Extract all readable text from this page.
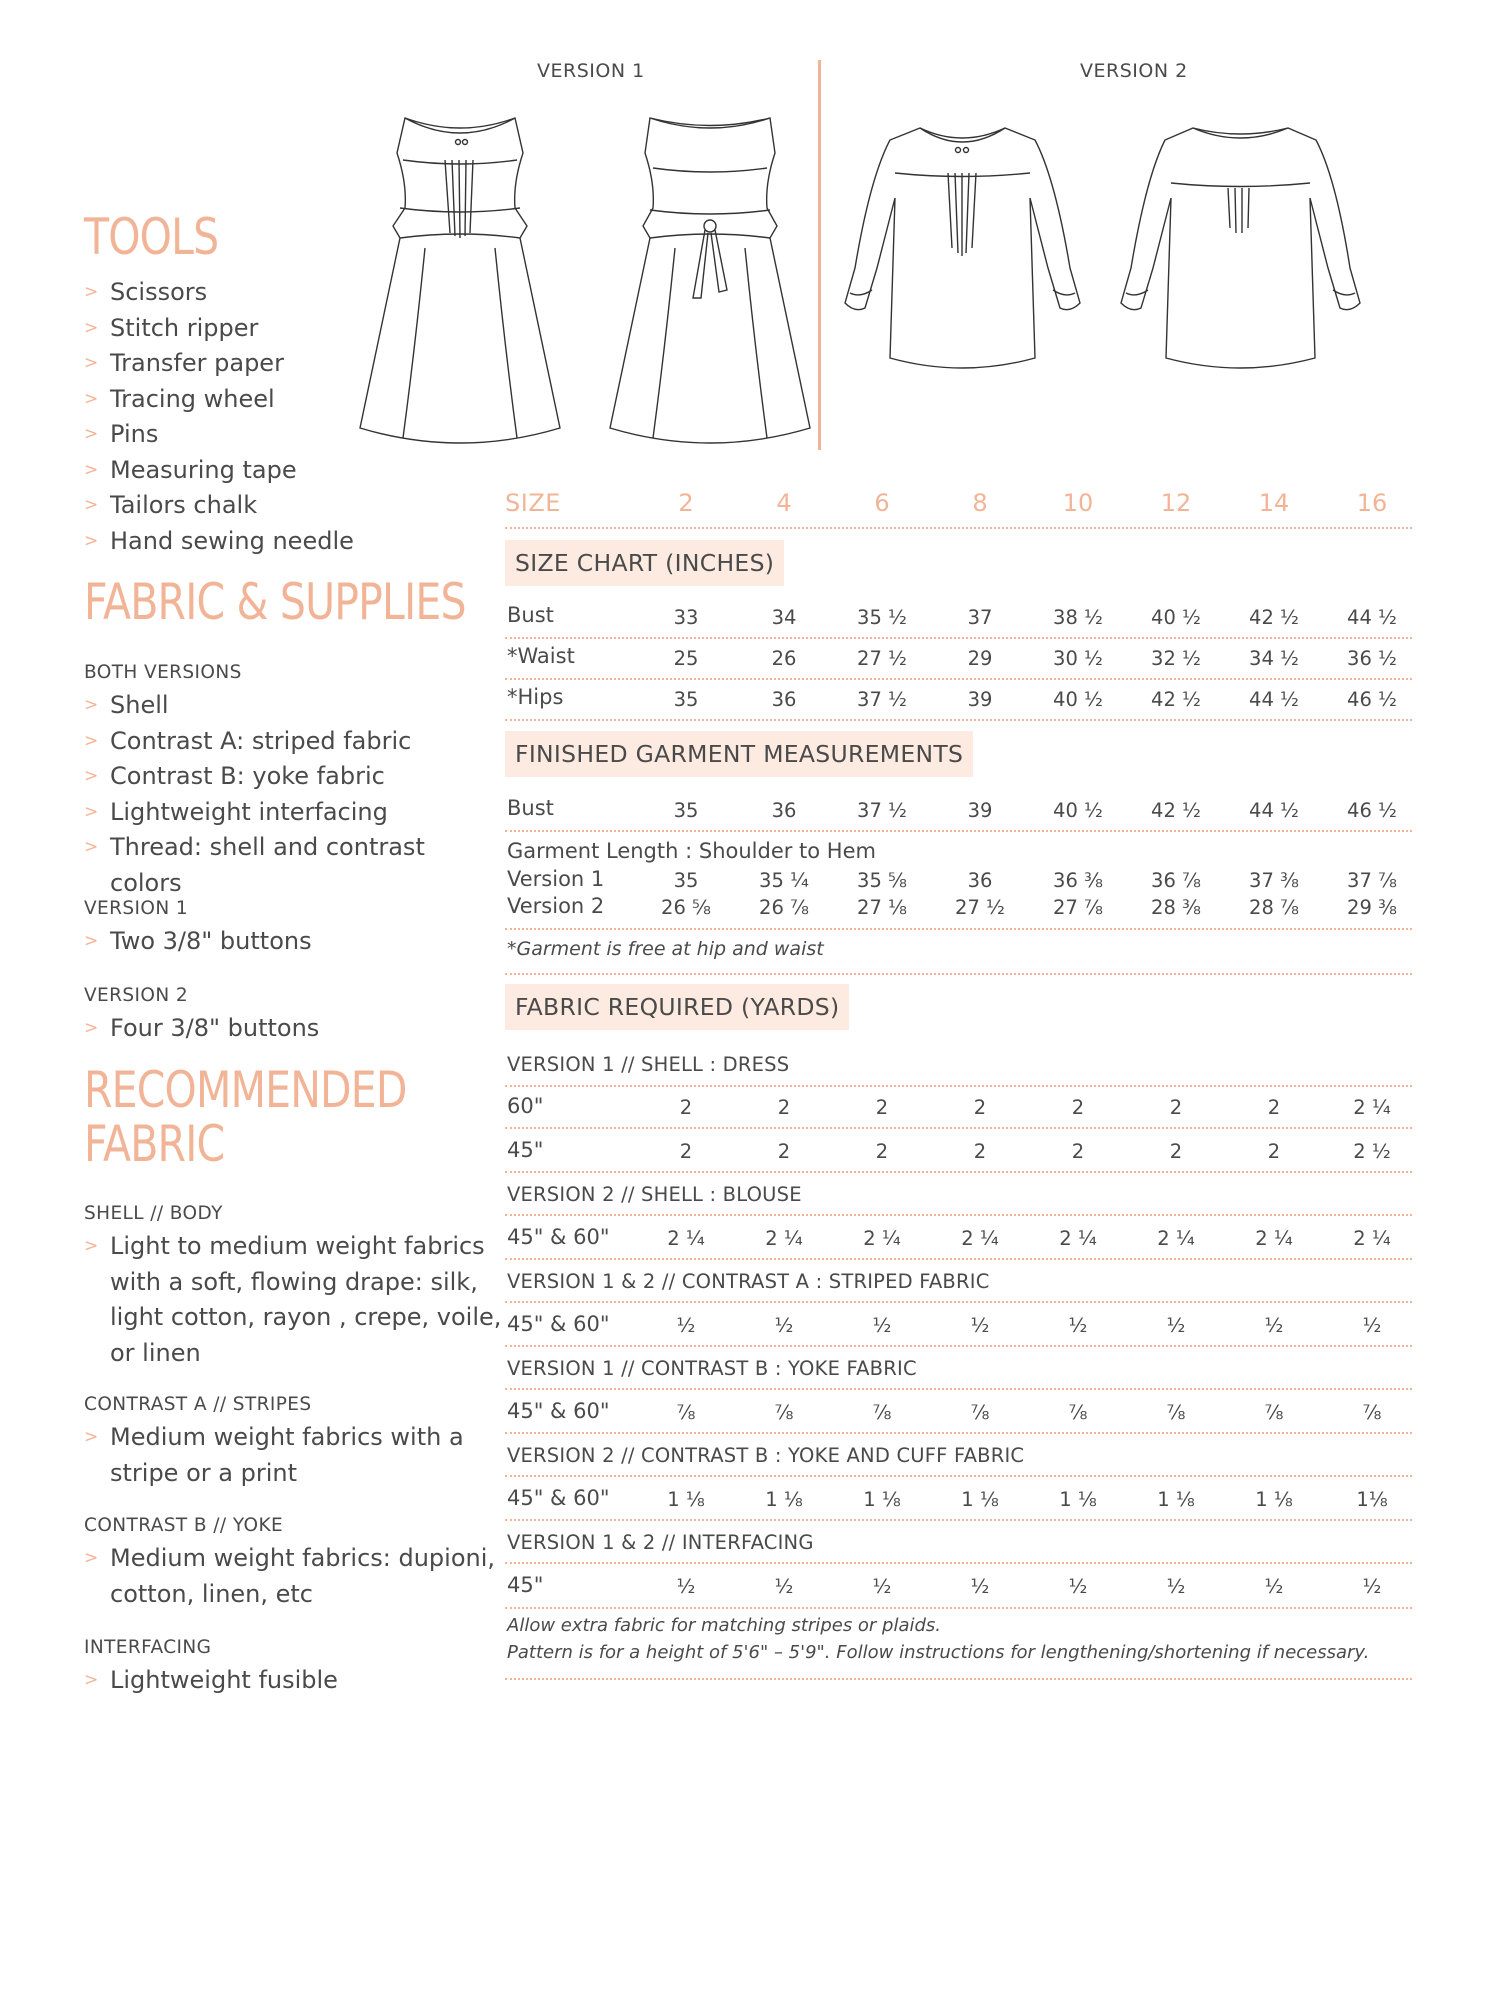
VERSION 1	VERSION 2
TOOLS
> Scissors
> Stitch ripper
> Transfer paper
> Tracing wheel
> Pins
> Measuring tape
> Tailors chalk
> Hand sewing needle
FABRIC & SUPPLIES
BOTH VERSIONS
> Shell
> Contrast A: striped fabric
> Contrast B: yoke fabric
> Lightweight interfacing
> Thread: shell and contrast colors
VERSION 1
> Two 3/8" buttons
VERSION 2
> Four 3/8" buttons
RECOMMENDED
FABRIC
SHELL // BODY
> Light to medium weight fabrics
with a soft, flowing drape: silk,
light cotton, rayon , crepe, voile,
or linen
CONTRAST A // STRIPES
> Medium weight fabrics with a
stripe or a print
CONTRAST B // YOKE
> Medium weight fabrics: dupioni,
cotton, linen, etc
INTERFACING
> Lightweight fusible
SIZE	2	4	6	8	10	12	14	16
SIZE CHART (INCHES)
Bust	33	34	35 ½	37	38 ½	40 ½	42 ½	44 ½
*Waist	25	26	27 ½	29	30 ½	32 ½	34 ½	36 ½
*Hips	35	36	37 ½	39	40 ½	42 ½	44 ½	46 ½
FINISHED GARMENT MEASUREMENTS
Bust	35	36	37 ½	39	40 ½	42 ½	44 ½	46 ½
Garment Length : Shoulder to Hem
Version 1	35	35 ¼	35 ⅝	36	36 ⅜	36 ⅞	37 ⅜	37 ⅞
Version 2	26 ⅝	26 ⅞	27 ⅛	27 ½	27 ⅞	28 ⅜	28 ⅞	29 ⅜
*Garment is free at hip and waist
FABRIC REQUIRED (YARDS)
VERSION 1 // SHELL : DRESS
60"	2	2	2	2	2	2	2	2 ¼
45"	2	2	2	2	2	2	2	2 ½
VERSION 2 // SHELL : BLOUSE
45" & 60"	2 ¼	2 ¼	2 ¼	2 ¼	2 ¼	2 ¼	2 ¼	2 ¼
VERSION 1 & 2 // CONTRAST A : STRIPED FABRIC
45" & 60"	½	½	½	½	½	½	½	½
VERSION 1 // CONTRAST B : YOKE FABRIC
45" & 60"	⅞	⅞	⅞	⅞	⅞	⅞	⅞	⅞
VERSION 2 // CONTRAST B : YOKE AND CUFF FABRIC
45" & 60"	1 ⅛	1 ⅛	1 ⅛	1 ⅛	1 ⅛	1 ⅛	1 ⅛	1⅛
VERSION 1 & 2 // INTERFACING
45"	½	½	½	½	½	½	½	½
Allow extra fabric for matching stripes or plaids.
Pattern is for a height of 5'6" – 5'9". Follow instructions for lengthening/shortening if necessary.
